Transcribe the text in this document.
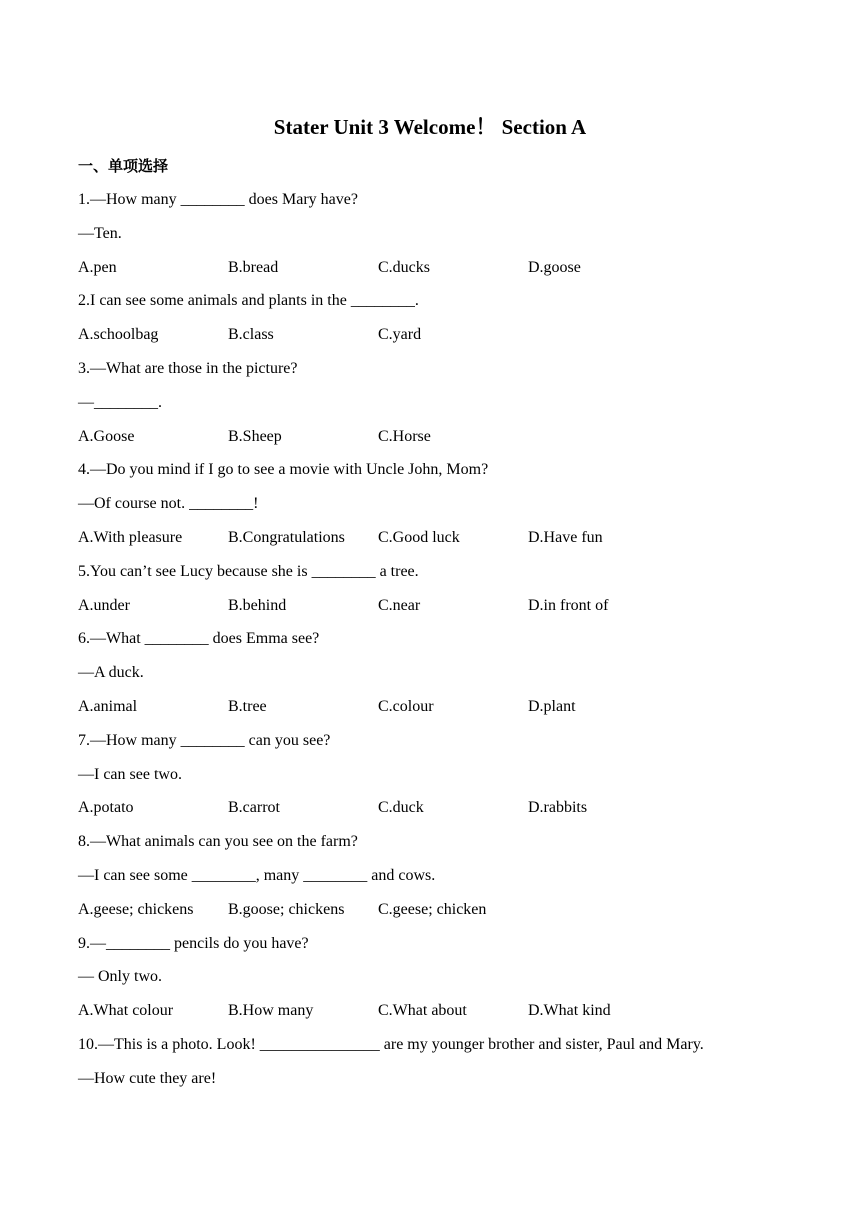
Stater Unit 3 Welcome！ Section A
一、单项选择
1.—How many ________ does Mary have?
—Ten.
A.pen	B.bread	C.ducks	D.goose
2.I can see some animals and plants in the ________.
A.schoolbag	B.class	C.yard
3.—What are those in the picture?
—________.
A.Goose	B.Sheep	C.Horse
4.—Do you mind if I go to see a movie with Uncle John, Mom?
—Of course not. ________!
A.With pleasure	B.Congratulations C.Good luck	D.Have fun
5.You can’t see Lucy because she is ________ a tree.
A.under	B.behind	C.near	D.in front of
6.—What ________ does Emma see?
—A duck.
A.animal	B.tree	C.colour	D.plant
7.—How many ________ can you see?
—I can see two.
A.potato	B.carrot	C.duck	D.rabbits
8.—What animals can you see on the farm?
—I can see some ________, many ________ and cows.
A.geese; chickens B.goose; chickens C.geese; chicken
9.—________ pencils do you have?
— Only two.
A.What colour	B.How many	C.What about	D.What kind
10.—This is a photo. Look! _______________ are my younger brother and sister, Paul and Mary.
—How cute they are!
